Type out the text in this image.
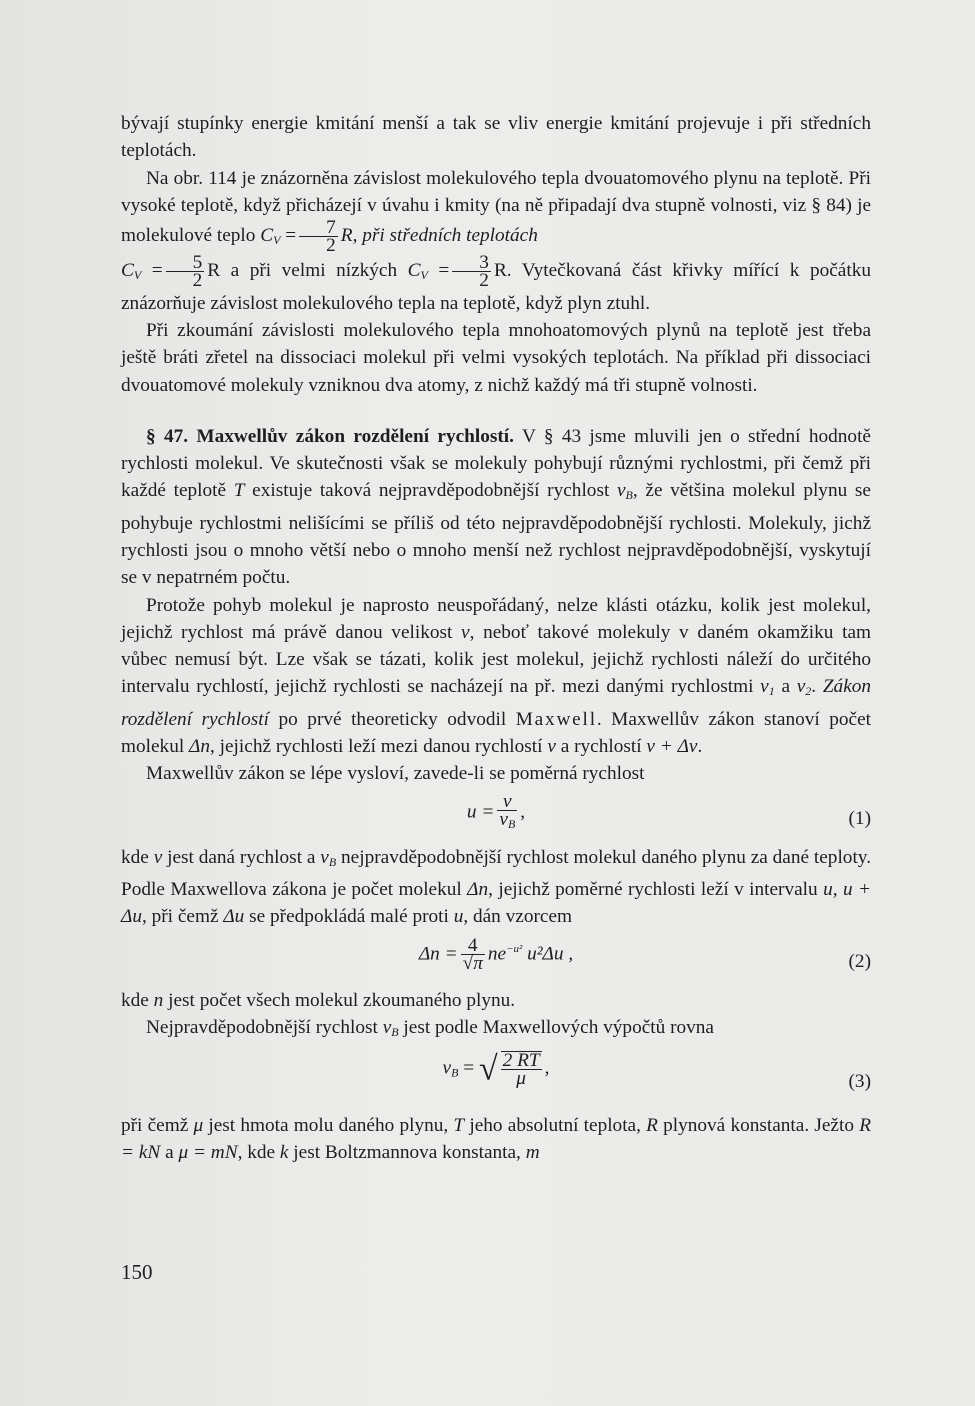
bývají stupínky energie kmitání menší a tak se vliv energie kmitání projevuje i při středních teplotách.

Na obr. 114 je znázorněna závislost molekulového tepla dvouatomového plynu na teplotě. Při vysoké teplotě, když přicházejí v úvahu i kmity (na ně připadají dva stupně volnosti, viz § 84) je molekulové teplo $C_V = \frac{7}{2} R$, při středních teplotách
$C_V = \frac{5}{2}$ R a při velmi nízkých $C_V = \frac{3}{2} R$. Vytečkovaná část křivky mířící k počátku znázorňuje závislost molekulového tepla na teplotě, když plyn ztuhl.

Při zkoumání závislosti molekulového tepla mnohoatomových plynů na teplotě jest třeba ještě bráti zřetel na dissociaci molekul při velmi vysokých teplotách. Na příklad při dissociaci dvouatomové molekuly vzniknou dva atomy, z nichž každý má tři stupně volnosti.

§ 47. Maxwellův zákon rozdělení rychlostí. V § 43 jsme mluvili jen o střední hodnotě rychlosti molekul. Ve skutečnosti však se molekuly pohybují různými rychlostmi, při čemž při každé teplotě T existuje taková nejpravděpodobnější rychlost $v_B$, že většina molekul plynu se pohybuje rychlostmi nelišícími se příliš od této nejpravděpodobnější rychlosti. Molekuly, jichž rychlosti jsou o mnoho větší nebo o mnoho menší než rychlost nejpravděpodobnější, vyskytují se v nepatrném počtu.

Protože pohyb molekul je naprosto neuspořádaný, nelze klásti otázku, kolik jest molekul, jejichž rychlost má právě danou velikost v, neboť takové molekuly v daném okamžiku tam vůbec nemusí být. Lze však se tázati, kolik jest molekul, jejichž rychlosti náleží do určitého intervalu rychlostí, jejichž rychlosti se nacházejí na př. mezi danými rychlostmi $v_1$ a $v_2$. Zákon rozdělení rychlostí po prvé theoreticky odvodil Maxwell. Maxwellův zákon stanoví počet molekul Δn, jejichž rychlosti leží mezi danou rychlostí v a rychlostí v + Δv.

Maxwellův zákon se lépe vysloví, zavede-li se poměrná rychlost

$u = \frac{v}{v_B}$ ,	(1)

kde v jest daná rychlost a $v_B$ nejpravděpodobnější rychlost molekul daného plynu za dané teploty. Podle Maxwellova zákona je počet molekul Δn, jejichž poměrné rychlosti leží v intervalu u, u + Δu, při čemž Δu se předpokládá malé proti u, dán vzorcem

$\Delta n = \frac{4}{√\pi} ne^{-u^2}$ u²Δu ,	(2)

kde n jest počet všech molekul zkoumaného plynu.

Nejpravděpodobnější rychlost $v_B$ jest podle Maxwellových výpočtů rovna

$v_B$ = √ $\frac{2 RT}{\mu}$ ,
(3)

při čemž μ jest hmota molu daného plynu, T jeho absolutní teplota, R plynová konstanta. Ježto R = kN a μ = mN, kde k jest Boltzmannova konstanta, m

150
